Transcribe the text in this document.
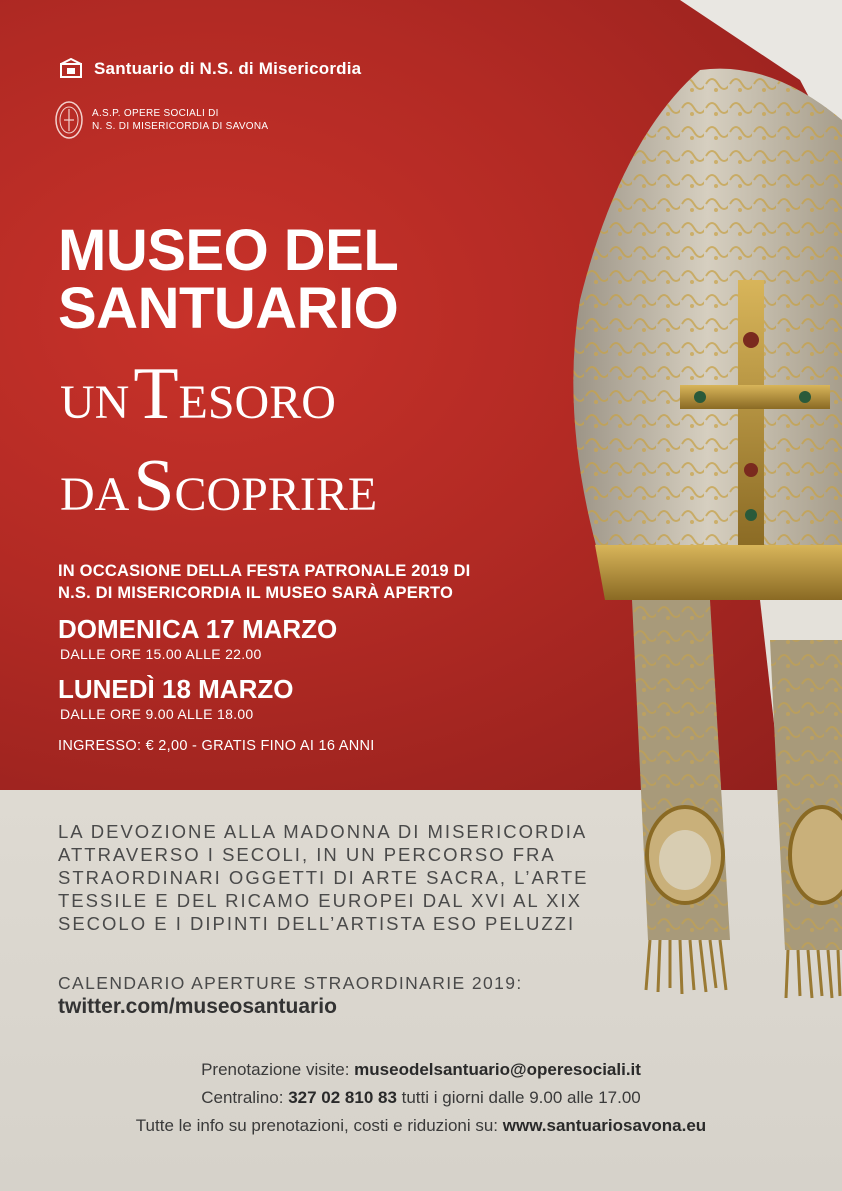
Santuario di N.S. di Misericordia
A.S.P. OPERE SOCIALI DI
N. S. DI MISERICORDIA DI SAVONA
MUSEO DEL
SANTUARIO
UN TESORO
DA SCOPRIRE
IN OCCASIONE DELLA FESTA PATRONALE 2019 DI
N.S. DI MISERICORDIA IL MUSEO SARÀ APERTO
DOMENICA 17 MARZO
DALLE ORE 15.00 ALLE 22.00
LUNEDÌ 18 MARZO
DALLE ORE 9.00 ALLE 18.00
INGRESSO: € 2,00 - GRATIS FINO AI 16 ANNI
LA DEVOZIONE ALLA MADONNA DI MISERICORDIA
ATTRAVERSO I SECOLI, IN UN PERCORSO FRA
STRAORDINARI OGGETTI DI ARTE SACRA, L’ARTE
TESSILE E DEL RICAMO EUROPEI DAL XVI AL XIX
SECOLO E I DIPINTI DELL’ARTISTA ESO PELUZZI
CALENDARIO APERTURE STRAORDINARIE 2019:
twitter.com/museosantuario
Prenotazione visite: museodelsantuario@operesociali.it
Centralino: 327 02 810 83 tutti i giorni dalle 9.00 alle 17.00
Tutte le info su prenotazioni, costi e riduzioni su: www.santuariosavona.eu
